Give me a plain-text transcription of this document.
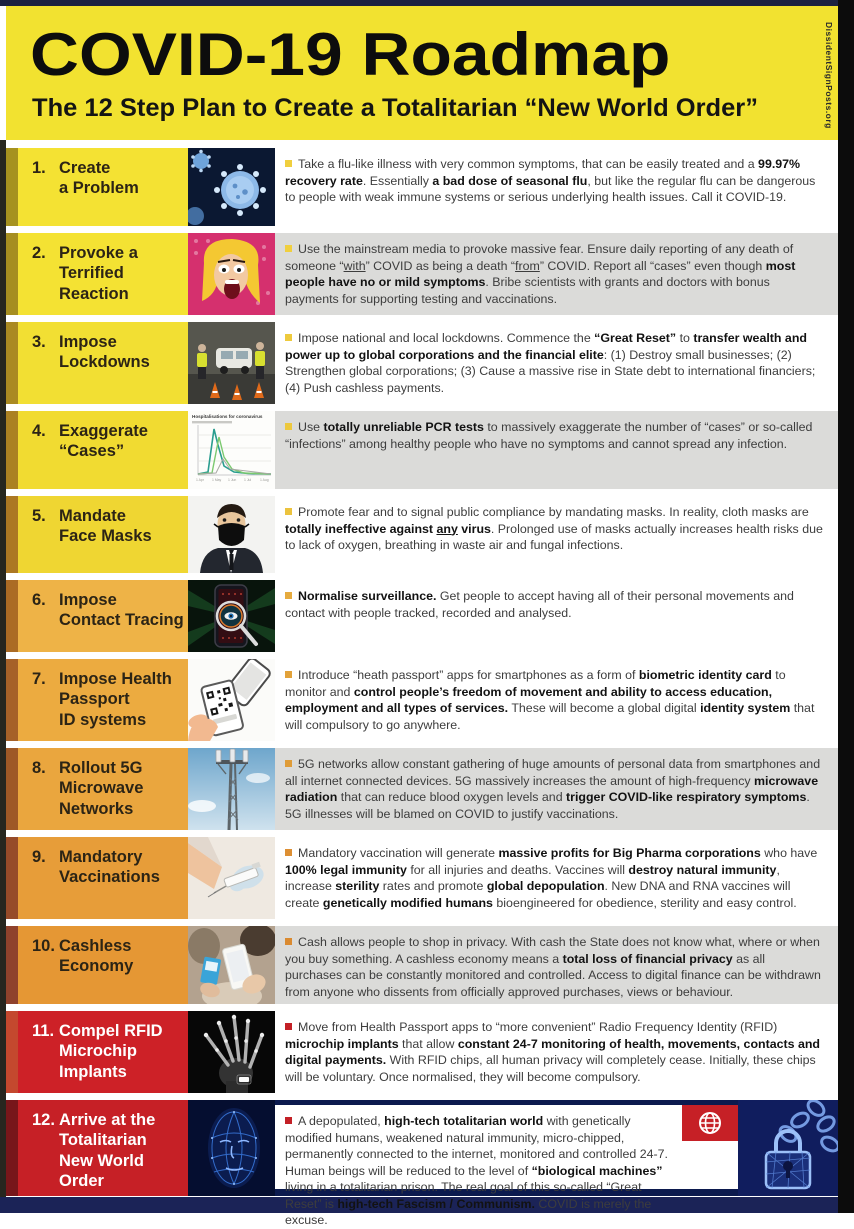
COVID-19 Roadmap
The 12 Step Plan to Create a Totalitarian “New World Order”	DissidentSignPosts.org
1. Create
a Problem
Take a flu-like illness with very common symptoms, that can be easily treated and a 99.97% recovery rate. Essentially a bad dose of seasonal flu, but like the regular flu can be dangerous to people with weak immune systems or serious underlying health issues. Call it COVID-19.
2. Provoke a
Terrified
Reaction
Use the mainstream media to provoke massive fear. Ensure daily reporting of any death of someone “with” COVID as being a death “from” COVID. Report all “cases” even though most people have no or mild symptoms. Bribe scientists with grants and doctors with bonus payments for supporting testing and vaccinations.
3. Impose
Lockdowns
Impose national and local lockdowns. Commence the “Great Reset” to transfer wealth and power up to global corporations and the financial elite: (1) Destroy small businesses; (2) Strengthen global corporations; (3) Cause a massive rise in State debt to international financiers; (4) Push cashless payments.
4. Exaggerate
“Cases”
Hospitalisations for coronavirus
1 Apr 1 May 1 Jun 1 Jul	1 Aug
Use totally unreliable PCR tests to massively exaggerate the number of “cases” or so-called “infections” among healthy people who have no symptoms and cannot spread any infection.
5. Mandate
Face Masks
Promote fear and to signal public compliance by mandating masks. In reality, cloth masks are totally ineffective against any virus. Prolonged use of masks actually increases health risks due to lack of oxygen, breathing in waste air and fungal infections.
6. Impose
Contact Tracing
Normalise surveillance. Get people to accept having all of their personal movements and contact with people tracked, recorded and analysed.
7. Impose Health
Passport
ID systems
Introduce “heath passport” apps for smartphones as a form of biometric identity card to monitor and control people’s freedom of movement and ability to access education, employment and all types of services. These will become a global digital identity system that will compulsory to go anywhere.
8. Rollout 5G
Microwave
Networks
5G networks allow constant gathering of huge amounts of personal data from smartphones and all internet connected devices. 5G massively increases the amount of high-frequency microwave radiation that can reduce blood oxygen levels and trigger COVID-like respiratory symptoms. 5G illnesses will be blamed on COVID to justify vaccinations.
9. Mandatory
Vaccinations
Mandatory vaccination will generate massive profits for Big Pharma corporations who have 100% legal immunity for all injuries and deaths. Vaccines will destroy natural immunity, increase sterility rates and promote global depopulation. New DNA and RNA vaccines will create genetically modified humans bioengineered for obedience, sterility and easy control.
10. Cashless
Economy
Cash allows people to shop in privacy. With cash the State does not know what, where or when you buy something. A cashless economy means a total loss of financial privacy as all purchases can be constantly monitored and controlled. Access to digital finance can be withdrawn from anyone who dissents from officially approved purchases, views or behaviour.
11. Compel RFID
Microchip
Implants
Move from Health Passport apps to “more convenient” Radio Frequency Identity (RFID) microchip implants that allow constant 24-7 monitoring of health, movements, contacts and digital payments. With RFID chips, all human privacy will completely cease. Initially, these chips will be voluntary. Once normalised, they will become compulsory.
12. Arrive at the
Totalitarian
New World
Order
A depopulated, high-tech totalitarian world with genetically modified humans, weakened natural immunity, micro-chipped, permanently connected to the internet, monitored and controlled 24-7. Human beings will be reduced to the level of “biological machines” living in a totalitarian prison. The real goal of this so-called “Great Reset” is high-tech Fascism / Communism. COVID is merely the excuse.
